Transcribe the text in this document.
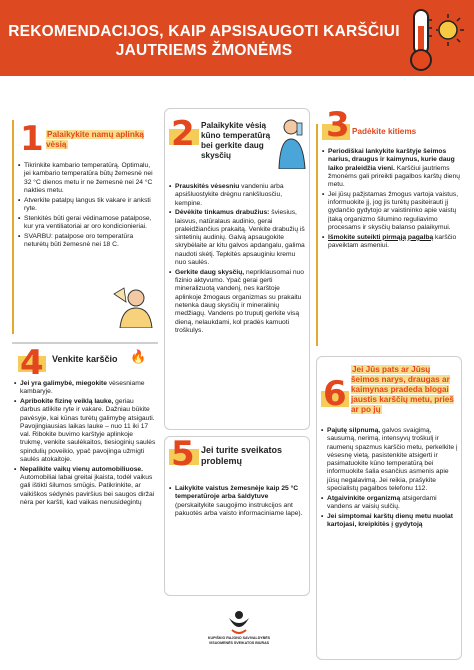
REKOMENDACIJOS, KAIP APSISAUGOTI KARŠČIUI JAUTRIEMS ŽMONĖMS
1 Palaikykite namų aplinką vėsią
• Tikrinkite kambario temperatūrą. Optimalu, jei kambario temperatūra būtų žemesnė nei 32 °C dienos metu ir ne žemesnė nei 24 °C nakties metu.
• Atverkite patalpų langus tik vakare ir anksti ryte.
• Stenkitės būti gerai vėdinamose patalpose, kur yra ventiliatoriai ar oro kondicionieriai.
• SVARBU: patalpose oro temperatūra neturėtų būti žemesnė nei 18 C.
4 Venkite karščio 🔥
• Jei yra galimybė, miegokite vėsesniame kambaryje.
• Apribokite fizinę veiklą lauke, geriau darbus atlikite ryte ir vakare. Dažniau būkite pavėsyje, kai kūnas turėtų galimybę atsigauti. Pavojingiausias laikas lauke – nuo 11 iki 17 val. Ribokite buvimo karštyje aplinkoje trukmę, venkite saulėkaitos, tiesioginių saulės spindulių poveikio, ypač pavojinga užmigti saulės atokaitoje.
• Nepalikite vaikų vienų automobiliuose. Automobiliai labai greitai įkaista, todėl vaikus gali ištikti šilumos smūgis. Patikrinkite, ar vaikiškos sėdynės paviršius bei saugos diržai nėra per karšti, kad vaikas nenusidegintų
2 Palaikykite vėsią kūno temperatūrą bei gerkite daug skysčių
• Prauskitės vėsesniu vandeniu arba apsišluostykite drėgnu rankšluosčiu, kempine.
• Dėvėkite tinkamus drabužius: šviesius, laisvus, natūralaus audinio, gerai praleidžiančius prakaitą. Venkite drabužių iš sintetinių audinių. Galvą apsaugokite skrybėlaite ar kitu galvos apdangalu, galima naudoti skėtį. Tepkitės apsauginiu kremu nuo saulės.
• Gerkite daug skysčių, nepriklausomai nuo fizinio aktyvumo. Ypač gerai gerti mineralizuotą vandenį, nes karštoje aplinkoje žmogaus organizmas su prakaitu netenka daug skysčių ir mineralinių medžiagų. Vandens po truputį gerkite visą dieną, nelaukdami, kol pradės kamuoti troškulys.
5 Jei turite sveikatos problemų
• Laikykite vaistus žemesnėje kaip 25 °C temperatūroje arba šaldytuve (perskaitykite saugojimo instrukcijos ant pakuotės arba vaisto informaciniame lape).
KUPIŠKIO RAJONO SAVIVALDYBĖS
VISUOMENĖS SVEIKATOS BIURAS
3 Padėkite kitiems
• Periodiškai lankykite karštyje šeimos narius, draugus ir kaimynus, kurie daug laiko praleidžia vieni. Karščiui jautriems žmonėms gali prireikti pagalbos karštų dienų metu.
• Jei jūsų pažįstamas žmogus vartoja vaistus, informuokite jį, jog jis turėtų pasiteirauti jį gydančio gydytojo ar vaistininko apie vaistų įtaką organizmo šilumino reguliavimo procesams ir skysčių balanso palaikymui.
• Išmokite suteikti pirmąją pagalbą karščio paveiktam asmeniui.
6
Jei Jūs pats ar Jūsų šeimos narys, draugas ar kaimynas pradeda blogai jaustis karščių metu, prieš ar po jų
• Pajutę silpnumą, galvos svaigimą, sausumą, nerimą, intensyvų troškulį ir raumenų spazmus karščio metu, perkelkite į vėsesnę vietą, pasistenkite atsigerti ir pasimatuokite kūno temperatūrą bei informuokite šalia esančius asmenis apie jūsų negalavimą. Jei reikia, prašykite specialistų pagalbos telefonu 112.
• Atgaivinkite organizmą atsigerdami vandens ar vaisių sulčių.
• Jei simptomai karštų dienų metu nuolat kartojasi, kreipkitės į gydytoją
